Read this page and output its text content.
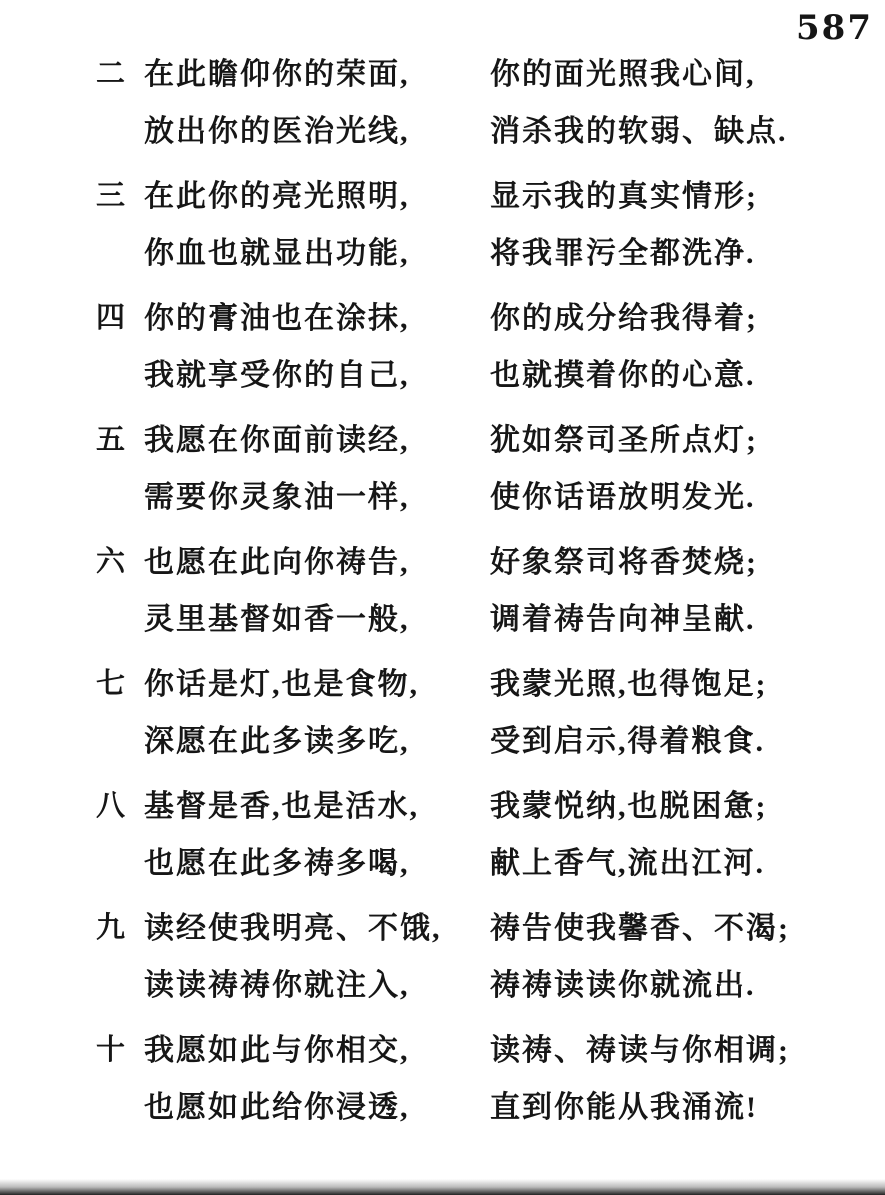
587
二 在此瞻仰你的荣面,
放出你的医治光线,
你的面光照我心间,
消杀我的软弱、缺点.
三 在此你的亮光照明,
你血也就显出功能,
显示我的真实情形;
将我罪污全都洗净.
四 你的膏油也在涂抹,
我就享受你的自己,
你的成分给我得着;
也就摸着你的心意.
五 我愿在你面前读经,
需要你灵象油一样,
犹如祭司圣所点灯;
使你话语放明发光.
六 也愿在此向你祷告,
灵里基督如香一般,
好象祭司将香焚烧;
调着祷告向神呈献.
七 你话是灯,也是食物,
深愿在此多读多吃,
我蒙光照,也得饱足;
受到启示,得着粮食.
八 基督是香,也是活水,
也愿在此多祷多喝,
我蒙悦纳,也脱困惫;
献上香气,流出江河.
九 读经使我明亮、不饿,
读读祷祷你就注入,
祷告使我馨香、不渴;
祷祷读读你就流出.
十 我愿如此与你相交,
也愿如此给你浸透,
读祷、祷读与你相调;
直到你能从我涌流!
